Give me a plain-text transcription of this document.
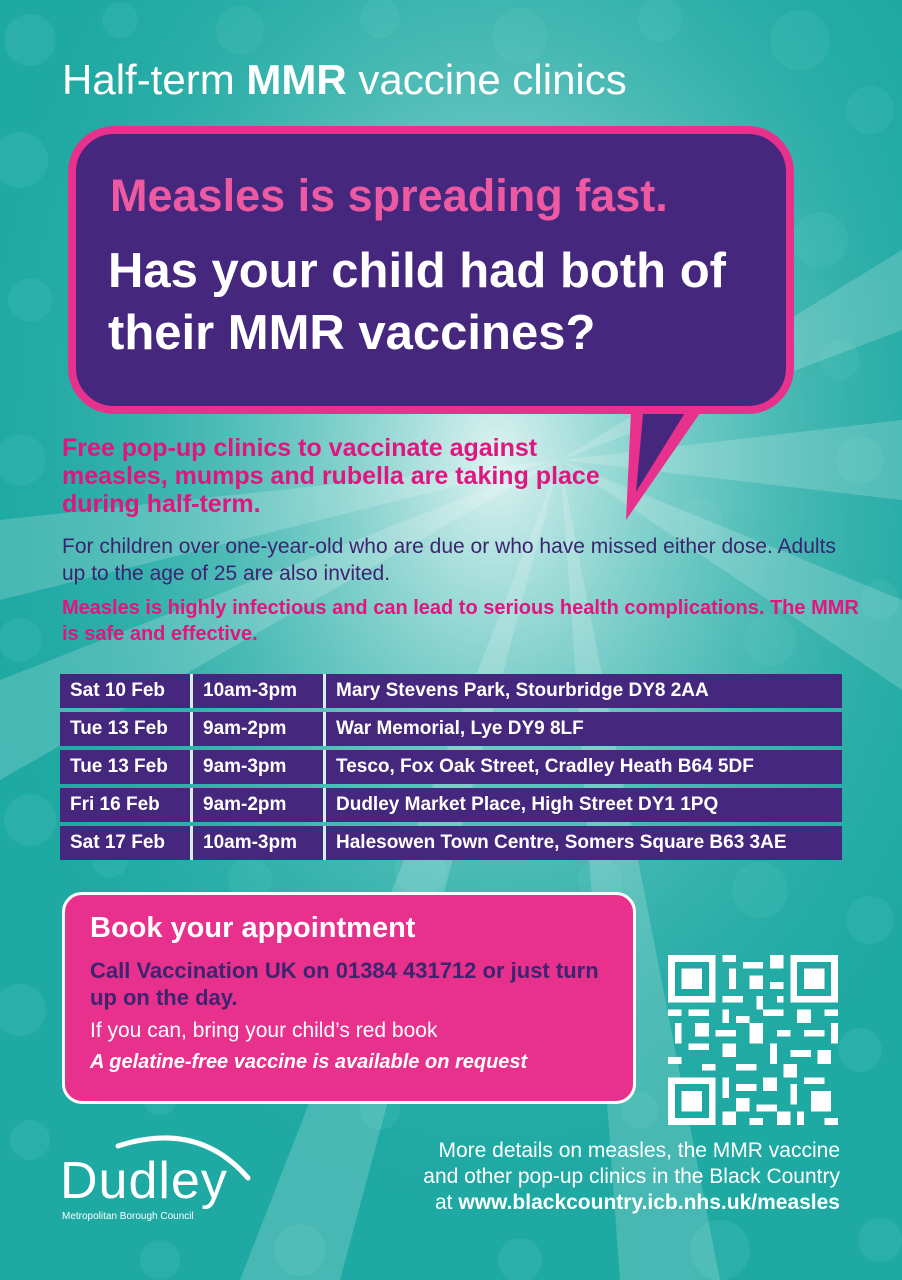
Half-term MMR vaccine clinics
Measles is spreading fast.
Has your child had both of their MMR vaccines?
Free pop-up clinics to vaccinate against measles, mumps and rubella are taking place during half-term.
For children over one-year-old who are due or who have missed either dose. Adults up to the age of 25 are also invited.
Measles is highly infectious and can lead to serious health complications. The MMR is safe and effective.
Sat 10 Feb	10am-3pm	Mary Stevens Park, Stourbridge DY8 2AA
Tue 13 Feb	9am-2pm	War Memorial, Lye DY9 8LF
Tue 13 Feb	9am-3pm	Tesco, Fox Oak Street, Cradley Heath B64 5DF
Fri 16 Feb	9am-2pm	Dudley Market Place, High Street DY1 1PQ
Sat 17 Feb	10am-3pm	Halesowen Town Centre, Somers Square B63 3AE
Book your appointment
Call Vaccination UK on 01384 431712 or just turn up on the day.
If you can, bring your child’s red book
A gelatine-free vaccine is available on request
Dudley
Metropolitan Borough Council
More details on measles, the MMR vaccine
and other pop-up clinics in the Black Country
at www.blackcountry.icb.nhs.uk/measles
